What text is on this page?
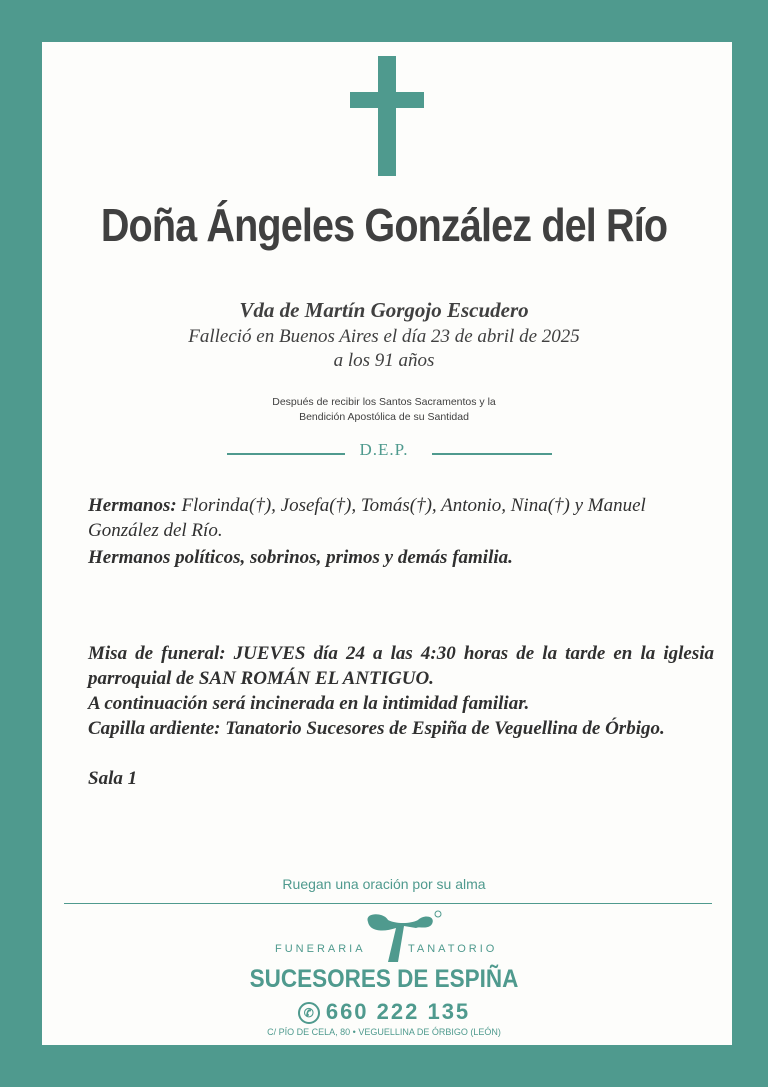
Doña Ángeles González del Río
Vda de Martín Gorgojo Escudero
Falleció en Buenos Aires el día 23 de abril de 2025
a los 91 años
Después de recibir los Santos Sacramentos y la
Bendición Apostólica de su Santidad
D.E.P.
Hermanos: Florinda(†), Josefa(†), Tomás(†), Antonio, Nina(†) y Manuel González del Río.
Hermanos políticos, sobrinos, primos y demás familia.
Misa de funeral: JUEVES día 24 a las 4:30 horas de la tarde en la iglesia parroquial de SAN ROMÁN EL ANTIGUO.
A continuación será incinerada en la intimidad familiar.
Capilla ardiente: Tanatorio Sucesores de Espiña de Veguellina de Órbigo.
Sala 1
Ruegan una oración por su alma
FUNERARIA	TANATORIO
SUCESORES DE ESPIÑA
✆ 660 222 135
C/ PÍO DE CELA, 80 • VEGUELLINA DE ÓRBIGO (LEÓN)
